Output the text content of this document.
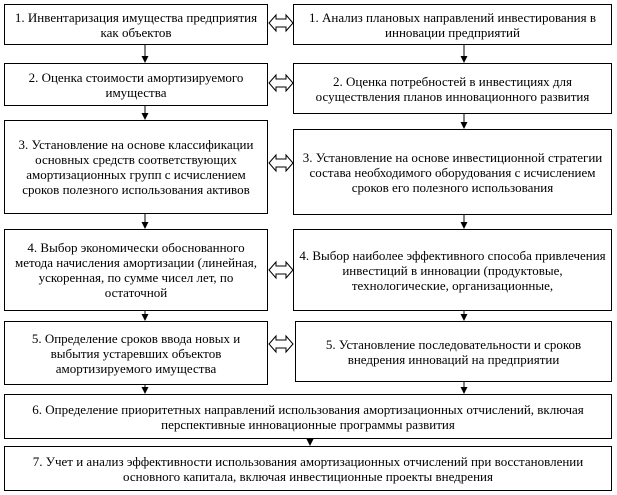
1. Инвентаризация имущества предприятия как объектов
2. Оценка стоимости амортизируемого имущества
3. Установление на основе классификации основных средств соответствующих амортизационных групп с исчислением сроков полезного использования активов
4. Выбор экономически обоснованного метода начисления амортизации (линейная, ускоренная, по сумме чисел лет, по остаточной
5. Определение сроков ввода новых и выбытия устаревших объектов амортизируемого имущества
1. Анализ плановых направлений инвестирования в инновации предприятий
2. Оценка потребностей в инвестициях для осуществления планов инновационного развития
3. Установление на основе инвестиционной стратегии состава необходимого оборудования с исчислением сроков его полезного использования
4. Выбор наиболее эффективного способа привлечения инвестиций в инновации (продуктовые, технологические, организационные,
5. Установление последовательности и сроков внедрения инноваций на предприятии
6. Определение приоритетных направлений использования амортизационных отчислений, включая перспективные инновационные программы развития
7. Учет и анализ эффективности использования амортизационных отчислений при восстановлении основного капитала, включая инвестиционные проекты внедрения
